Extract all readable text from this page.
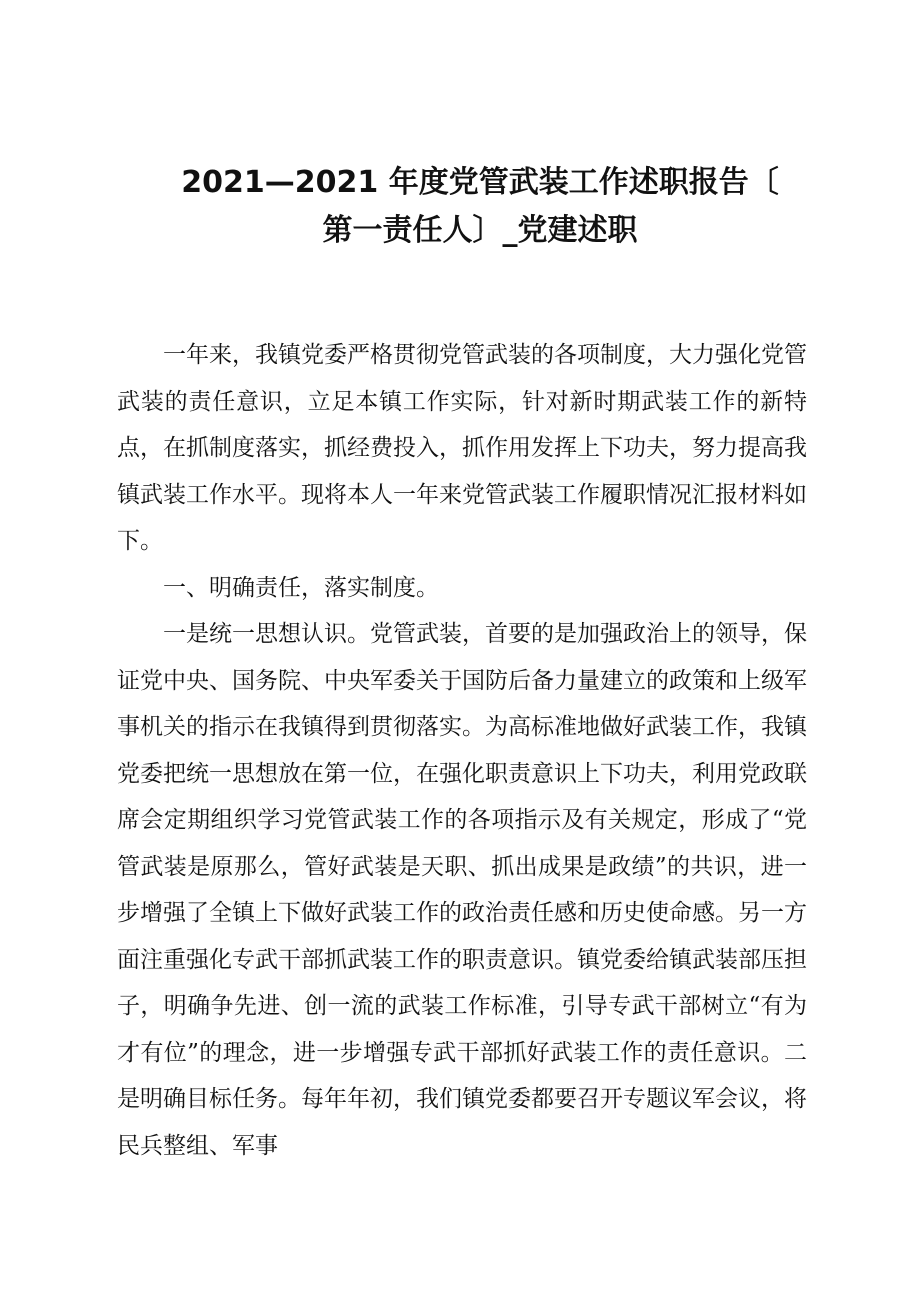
2021—2021 年度党管武装工作述职报告〔
第一责任人〕_党建述职

一年来，我镇党委严格贯彻党管武装的各项制度，大力强化党管武装的责任意识，立足本镇工作实际，针对新时期武装工作的新特点，在抓制度落实，抓经费投入，抓作用发挥上下功夫，努力提高我镇武装工作水平。现将本人一年来党管武装工作履职情况汇报材料如下。

一、明确责任，落实制度。

一是统一思想认识。党管武装，首要的是加强政治上的领导，保证党中央、国务院、中央军委关于国防后备力量建立的政策和上级军事机关的指示在我镇得到贯彻落实。为高标准地做好武装工作，我镇党委把统一思想放在第一位，在强化职责意识上下功夫，利用党政联席会定期组织学习党管武装工作的各项指示及有关规定，形成了“党管武装是原那么，管好武装是天职、抓出成果是政绩”的共识，进一步增强了全镇上下做好武装工作的政治责任感和历史使命感。另一方面注重强化专武干部抓武装工作的职责意识。镇党委给镇武装部压担子，明确争先进、创一流的武装工作标准，引导专武干部树立“有为才有位”的理念，进一步增强专武干部抓好武装工作的责任意识。二是明确目标任务。每年年初，我们镇党委都要召开专题议军会议，将民兵整组、军事
